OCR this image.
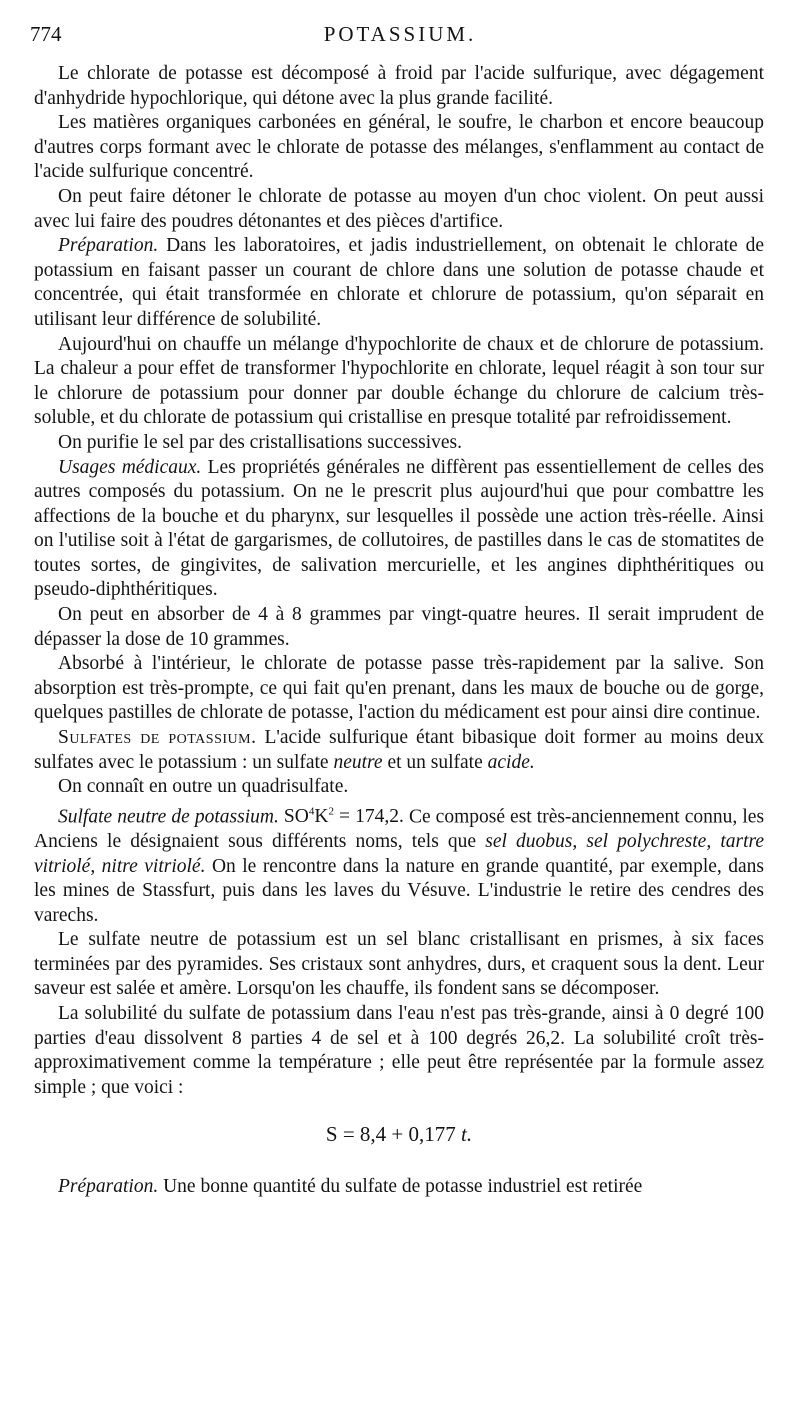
774	POTASSIUM.

Le chlorate de potasse est décomposé à froid par l'acide sulfurique, avec dégagement d'anhydride hypochlorique, qui détone avec la plus grande facilité.

Les matières organiques carbonées en général, le soufre, le charbon et encore beaucoup d'autres corps formant avec le chlorate de potasse des mélanges, s'enflamment au contact de l'acide sulfurique concentré.

On peut faire détoner le chlorate de potasse au moyen d'un choc violent. On peut aussi avec lui faire des poudres détonantes et des pièces d'artifice.

Préparation. Dans les laboratoires, et jadis industriellement, on obtenait le chlorate de potassium en faisant passer un courant de chlore dans une solution de potasse chaude et concentrée, qui était transformée en chlorate et chlorure de potassium, qu'on séparait en utilisant leur différence de solubilité.

Aujourd'hui on chauffe un mélange d'hypochlorite de chaux et de chlorure de potassium. La chaleur a pour effet de transformer l'hypochlorite en chlorate, lequel réagit à son tour sur le chlorure de potassium pour donner par double échange du chlorure de calcium très-soluble, et du chlorate de potassium qui cristallise en presque totalité par refroidissement.

On purifie le sel par des cristallisations successives.

Usages médicaux. Les propriétés générales ne diffèrent pas essentiellement de celles des autres composés du potassium. On ne le prescrit plus aujourd'hui que pour combattre les affections de la bouche et du pharynx, sur lesquelles il possède une action très-réelle. Ainsi on l'utilise soit à l'état de gargarismes, de collutoires, de pastilles dans le cas de stomatites de toutes sortes, de gingivites, de salivation mercurielle, et les angines diphthéritiques ou pseudo-diphthéritiques.

On peut en absorber de 4 à 8 grammes par vingt-quatre heures. Il serait imprudent de dépasser la dose de 10 grammes.

Absorbé à l'intérieur, le chlorate de potasse passe très-rapidement par la salive. Son absorption est très-prompte, ce qui fait qu'en prenant, dans les maux de bouche ou de gorge, quelques pastilles de chlorate de potasse, l'action du médicament est pour ainsi dire continue.

Sulfates de potassium. L'acide sulfurique étant bibasique doit former au moins deux sulfates avec le potassium : un sulfate neutre et un sulfate acide.

On connaît en outre un quadrisulfate.

Sulfate neutre de potassium. $SO^4K^2 = 174,2$. Ce composé est très-anciennement connu, les Anciens le désignaient sous différents noms, tels que sel duobus, sel polychreste, tartre vitriolé, nitre vitriolé. On le rencontre dans la nature en grande quantité, par exemple, dans les mines de Stassfurt, puis dans les laves du Vésuve. L'industrie le retire des cendres des varechs.

Le sulfate neutre de potassium est un sel blanc cristallisant en prismes, à six faces terminées par des pyramides. Ses cristaux sont anhydres, durs, et craquent sous la dent. Leur saveur est salée et amère. Lorsqu'on les chauffe, ils fondent sans se décomposer.

La solubilité du sulfate de potassium dans l'eau n'est pas très-grande, ainsi à 0 degré 100 parties d'eau dissolvent 8 parties 4 de sel et à 100 degrés 26,2. La solubilité croît très-approximativement comme la température ; elle peut être représentée par la formule assez simple ; que voici :

S = 8,4 + 0,177 t.

Préparation. Une bonne quantité du sulfate de potasse industriel est retirée
